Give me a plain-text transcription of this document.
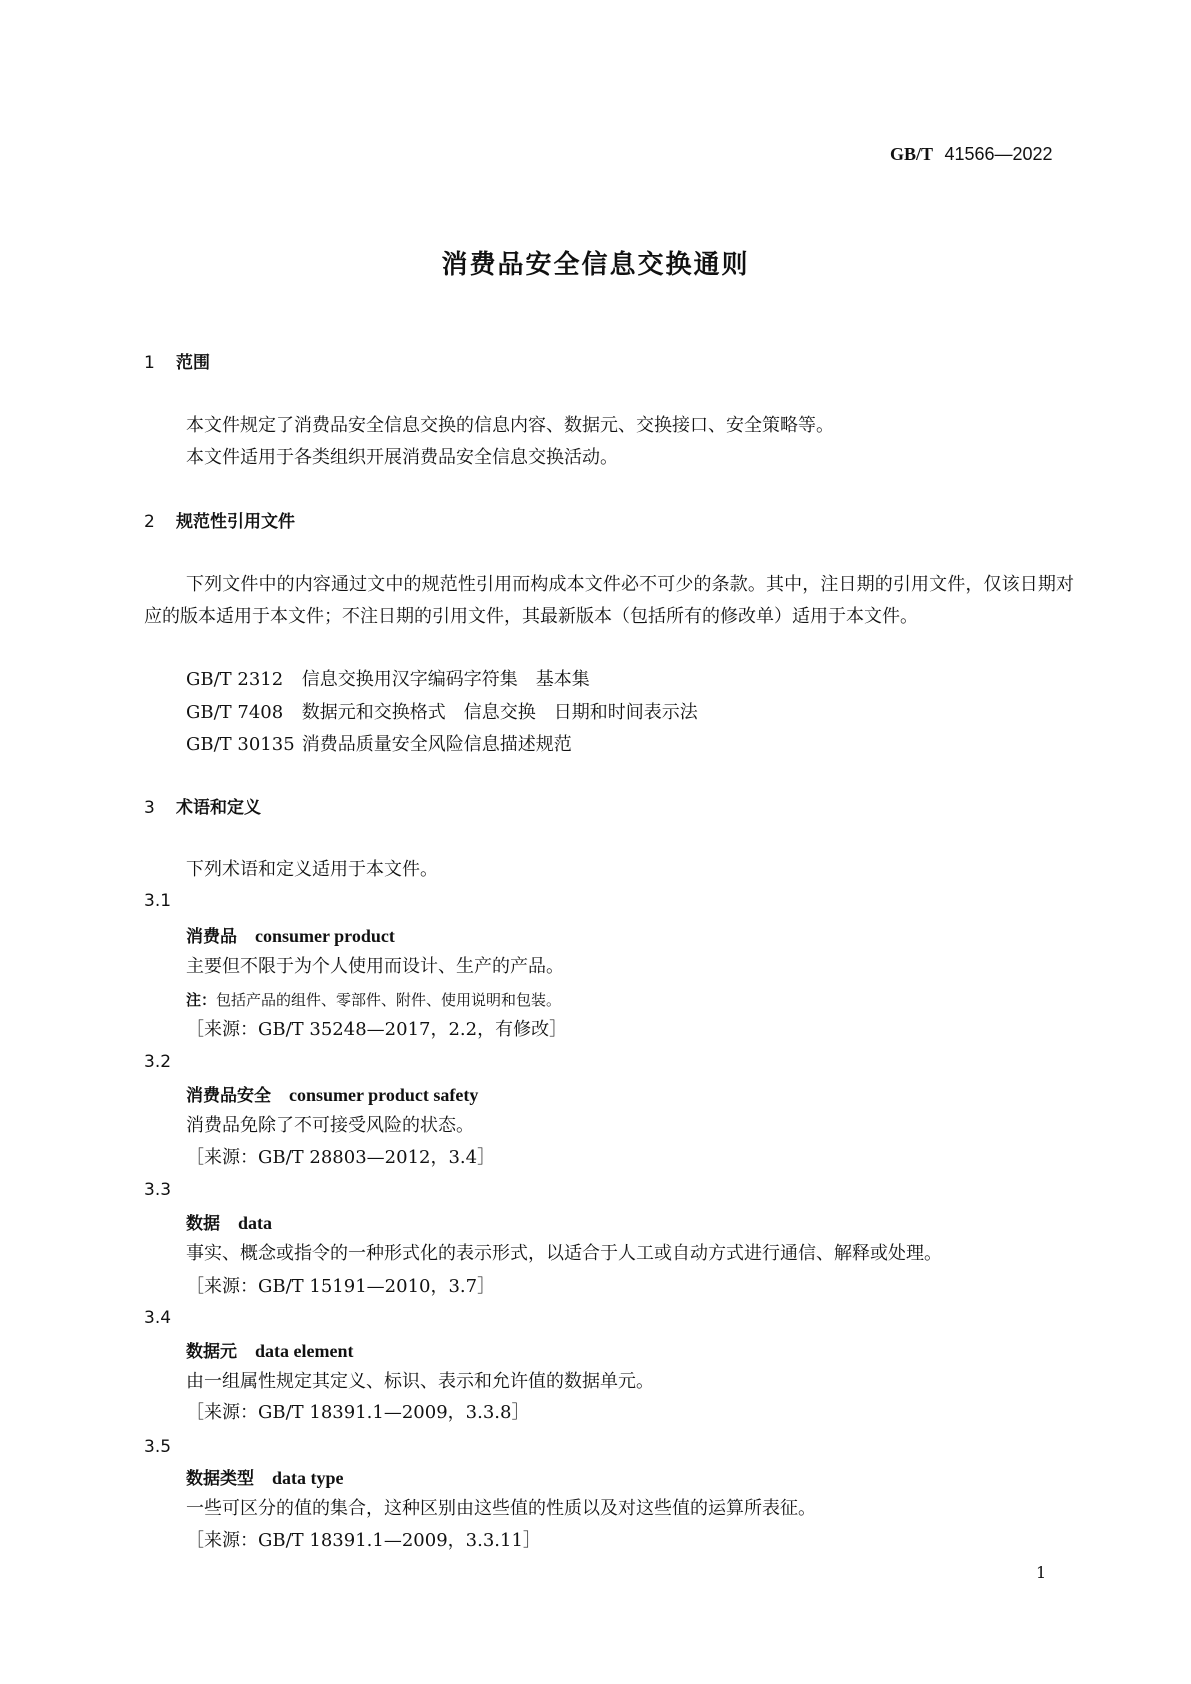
GB/T 41566—2022
消费品安全信息交换通则
1 范围
本文件规定了消费品安全信息交换的信息内容、数据元、交换接口、安全策略等。
本文件适用于各类组织开展消费品安全信息交换活动。
2 规范性引用文件
下列文件中的内容通过文中的规范性引用而构成本文件必不可少的条款。其中，注日期的引用文件，仅该日期对应的版本适用于本文件；不注日期的引用文件，其最新版本（包括所有的修改单）适用于本文件。
GB/T 2312 信息交换用汉字编码字符集　基本集
GB/T 7408 数据元和交换格式　信息交换　日期和时间表示法
GB/T 30135 消费品质量安全风险信息描述规范
3 术语和定义
下列术语和定义适用于本文件。
3.1
消费品 consumer product
主要但不限于为个人使用而设计、生产的产品。
注：包括产品的组件、零部件、附件、使用说明和包装。
［来源：GB/T 35248—2017，2.2，有修改］
3.2
消费品安全 consumer product safety
消费品免除了不可接受风险的状态。
［来源：GB/T 28803—2012，3.4］
3.3
数据 data
事实、概念或指令的一种形式化的表示形式，以适合于人工或自动方式进行通信、解释或处理。
［来源：GB/T 15191—2010，3.7］
3.4
数据元 data element
由一组属性规定其定义、标识、表示和允许值的数据单元。
［来源：GB/T 18391.1—2009，3.3.8］
3.5
数据类型 data type
一些可区分的值的集合，这种区别由这些值的性质以及对这些值的运算所表征。
［来源：GB/T 18391.1—2009，3.3.11］
1
